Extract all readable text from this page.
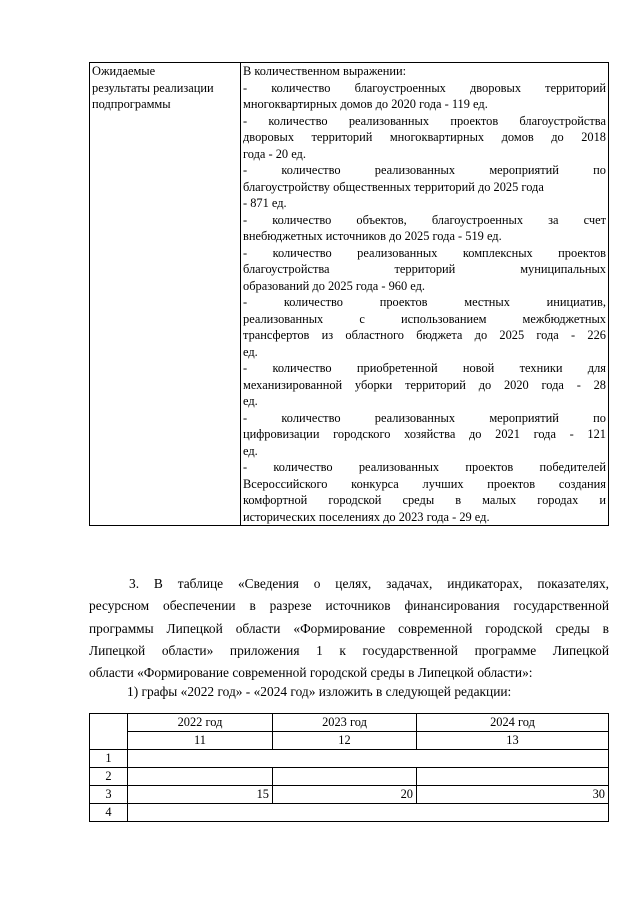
Ожидаемые
результаты реализации
подпрограммы

В количественном выражении:
- количество благоустроенных дворовых территорий
многоквартирных домов до 2020 года - 119 ед.
- количество реализованных проектов благоустройства
дворовых территорий многоквартирных домов до 2018
года - 20 ед.
- количество реализованных мероприятий по
благоустройству общественных территорий до 2025 года
- 871 ед.
- количество объектов, благоустроенных за счет
внебюджетных источников до 2025 года - 519 ед.
- количество реализованных комплексных проектов
благоустройства территорий муниципальных
образований до 2025 года - 960 ед.
- количество проектов местных инициатив,
реализованных с использованием межбюджетных
трансфертов из областного бюджета до 2025 года - 226
ед.
- количество приобретенной новой техники для
механизированной уборки территорий до 2020 года - 28
ед.
- количество реализованных мероприятий по
цифровизации городского хозяйства до 2021 года - 121
ед.
- количество реализованных проектов победителей
Всероссийского конкурса лучших проектов создания
комфортной городской среды в малых городах и
исторических поселениях до 2023 года - 29 ед.
3. В таблице «Сведения о целях, задачах, индикаторах, показателях,
ресурсном обеспечении в разрезе источников финансирования государственной
программы Липецкой области «Формирование современной городской среды в
Липецкой области» приложения 1 к государственной программе Липецкой
области «Формирование современной городской среды в Липецкой области»:
1) графы «2022 год» - «2024 год» изложить в следующей редакции:
	2022 год	2023 год	2024 год
	11	12	13
1			
2			
3	15	20	30
4			
